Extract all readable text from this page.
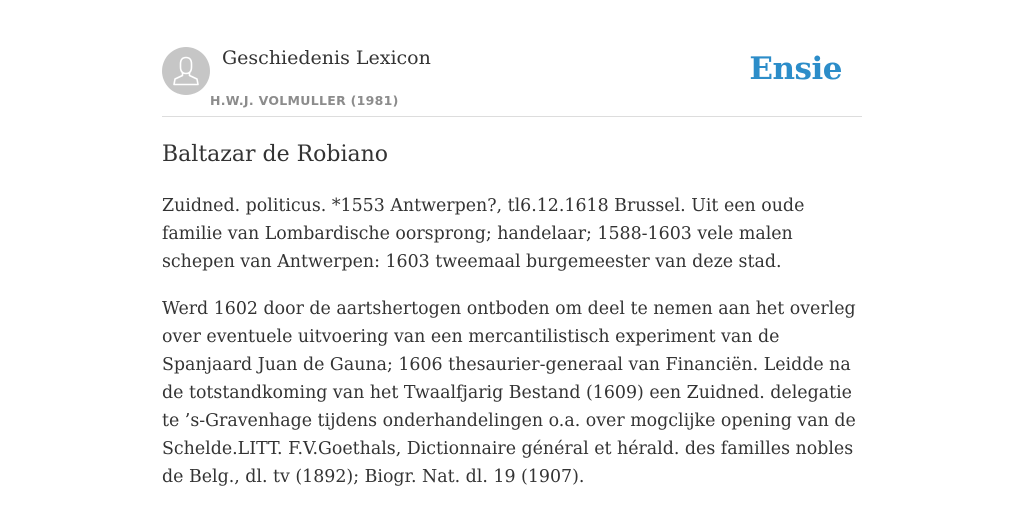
Geschiedenis Lexicon
H.W.J. VOLMULLER (1981)
Ensie
Baltazar de Robiano

Zuidned. politicus. *1553 Antwerpen?, tl6.12.1618 Brussel. Uit een oude familie van Lombardische oorsprong; handelaar; 1588-1603 vele malen schepen van Antwerpen: 1603 tweemaal burgemeester van deze stad.

Werd 1602 door de aartshertogen ontboden om deel te nemen aan het overleg over eventuele uitvoering van een mercantilistisch experiment van de Spanjaard Juan de Gauna; 1606 thesaurier-generaal van Financiën. Leidde na de totstandkoming van het Twaalfjarig Bestand (1609) een Zuidned. delegatie te ’s-Gravenhage tijdens onderhandelingen o.a. over mogclijke opening van de Schelde.LITT. F.V.Goethals, Dictionnaire général et hérald. des familles nobles de Belg., dl. tv (1892); Biogr. Nat. dl. 19 (1907).
